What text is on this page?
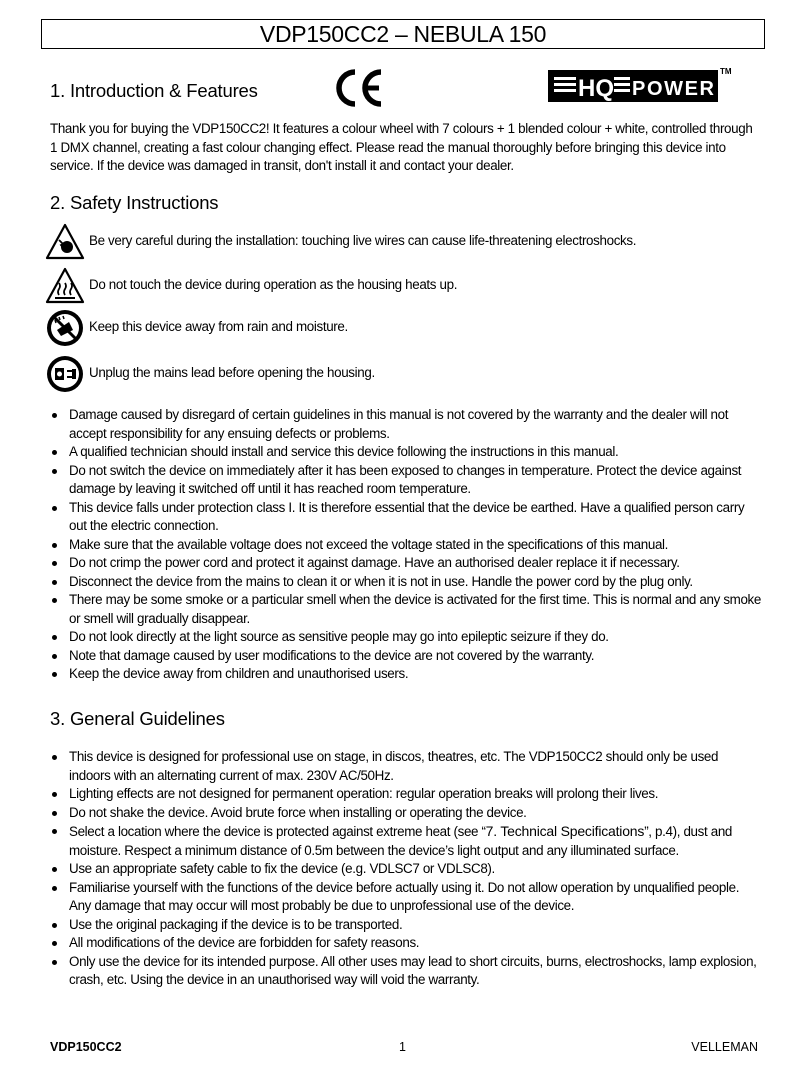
VDP150CC2 – NEBULA 150
1. Introduction & Features	HQ POWER
TM
Thank you for buying the VDP150CC2! It features a colour wheel with 7 colours + 1 blended colour + white, controlled through 1 DMX channel, creating a fast colour changing effect. Please read the manual thoroughly before bringing this device into service. If the device was damaged in transit, don't install it and contact your dealer.
2. Safety Instructions
Be very careful during the installation: touching live wires can cause life-threatening electroshocks.
Do not touch the device during operation as the housing heats up.
Keep this device away from rain and moisture.
Unplug the mains lead before opening the housing.
Damage caused by disregard of certain guidelines in this manual is not covered by the warranty and the dealer will not accept responsibility for any ensuing defects or problems.
A qualified technician should install and service this device following the instructions in this manual.
Do not switch the device on immediately after it has been exposed to changes in temperature. Protect the device against damage by leaving it switched off until it has reached room temperature.
This device falls under protection class I. It is therefore essential that the device be earthed. Have a qualified person carry out the electric connection.
Make sure that the available voltage does not exceed the voltage stated in the specifications of this manual.
Do not crimp the power cord and protect it against damage. Have an authorised dealer replace it if necessary.
Disconnect the device from the mains to clean it or when it is not in use. Handle the power cord by the plug only.
There may be some smoke or a particular smell when the device is activated for the first time. This is normal and any smoke or smell will gradually disappear.
Do not look directly at the light source as sensitive people may go into epileptic seizure if they do.
Note that damage caused by user modifications to the device are not covered by the warranty.
Keep the device away from children and unauthorised users.
3. General Guidelines
This device is designed for professional use on stage, in discos, theatres, etc. The VDP150CC2 should only be used indoors with an alternating current of max. 230V AC/50Hz.
Lighting effects are not designed for permanent operation: regular operation breaks will prolong their lives.
Do not shake the device. Avoid brute force when installing or operating the device.
Select a location where the device is protected against extreme heat (see “7. Technical Specifications”, p.4), dust and moisture. Respect a minimum distance of 0.5m between the device’s light output and any illuminated surface.
Use an appropriate safety cable to fix the device (e.g. VDLSC7 or VDLSC8).
Familiarise yourself with the functions of the device before actually using it. Do not allow operation by unqualified people. Any damage that may occur will most probably be due to unprofessional use of the device.
Use the original packaging if the device is to be transported.
All modifications of the device are forbidden for safety reasons.
Only use the device for its intended purpose. All other uses may lead to short circuits, burns, electroshocks, lamp explosion, crash, etc. Using the device in an unauthorised way will void the warranty.
VDP150CC2	1	VELLEMAN
